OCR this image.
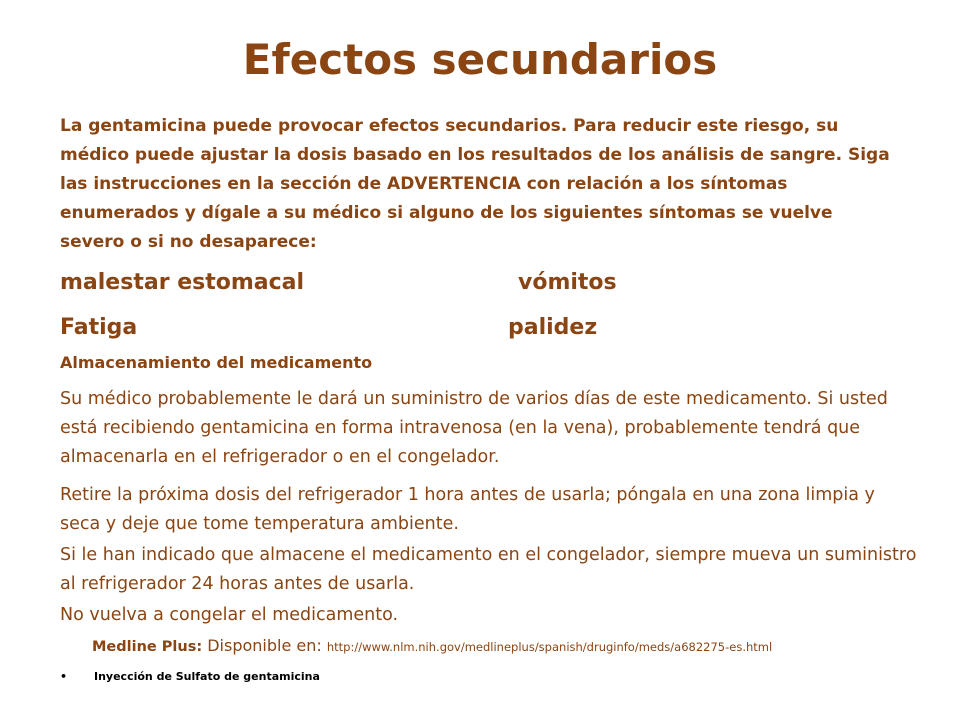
Efectos secundarios
La gentamicina puede provocar efectos secundarios. Para reducir este riesgo, su médico puede ajustar la dosis basado en los resultados de los análisis de sangre. Siga las instrucciones en la sección de ADVERTENCIA con relación a los síntomas enumerados y dígale a su médico si alguno de los siguientes síntomas se vuelve severo o si no desaparece:
malestar estomacal	vómitos
Fatiga	palidez
Almacenamiento del medicamento
Su médico probablemente le dará un suministro de varios días de este medicamento. Si usted está recibiendo gentamicina en forma intravenosa (en la vena), probablemente tendrá que almacenarla en el refrigerador o en el congelador.
Retire la próxima dosis del refrigerador 1 hora antes de usarla; póngala en una zona limpia y seca y deje que tome temperatura ambiente.
Si le han indicado que almacene el medicamento en el congelador, siempre mueva un suministro al refrigerador 24 horas antes de usarla.
No vuelva a congelar el medicamento.
Medline Plus: Disponible en: http://www.nlm.nih.gov/medlineplus/spanish/druginfo/meds/a682275-es.html
• Inyección de Sulfato de gentamicina
